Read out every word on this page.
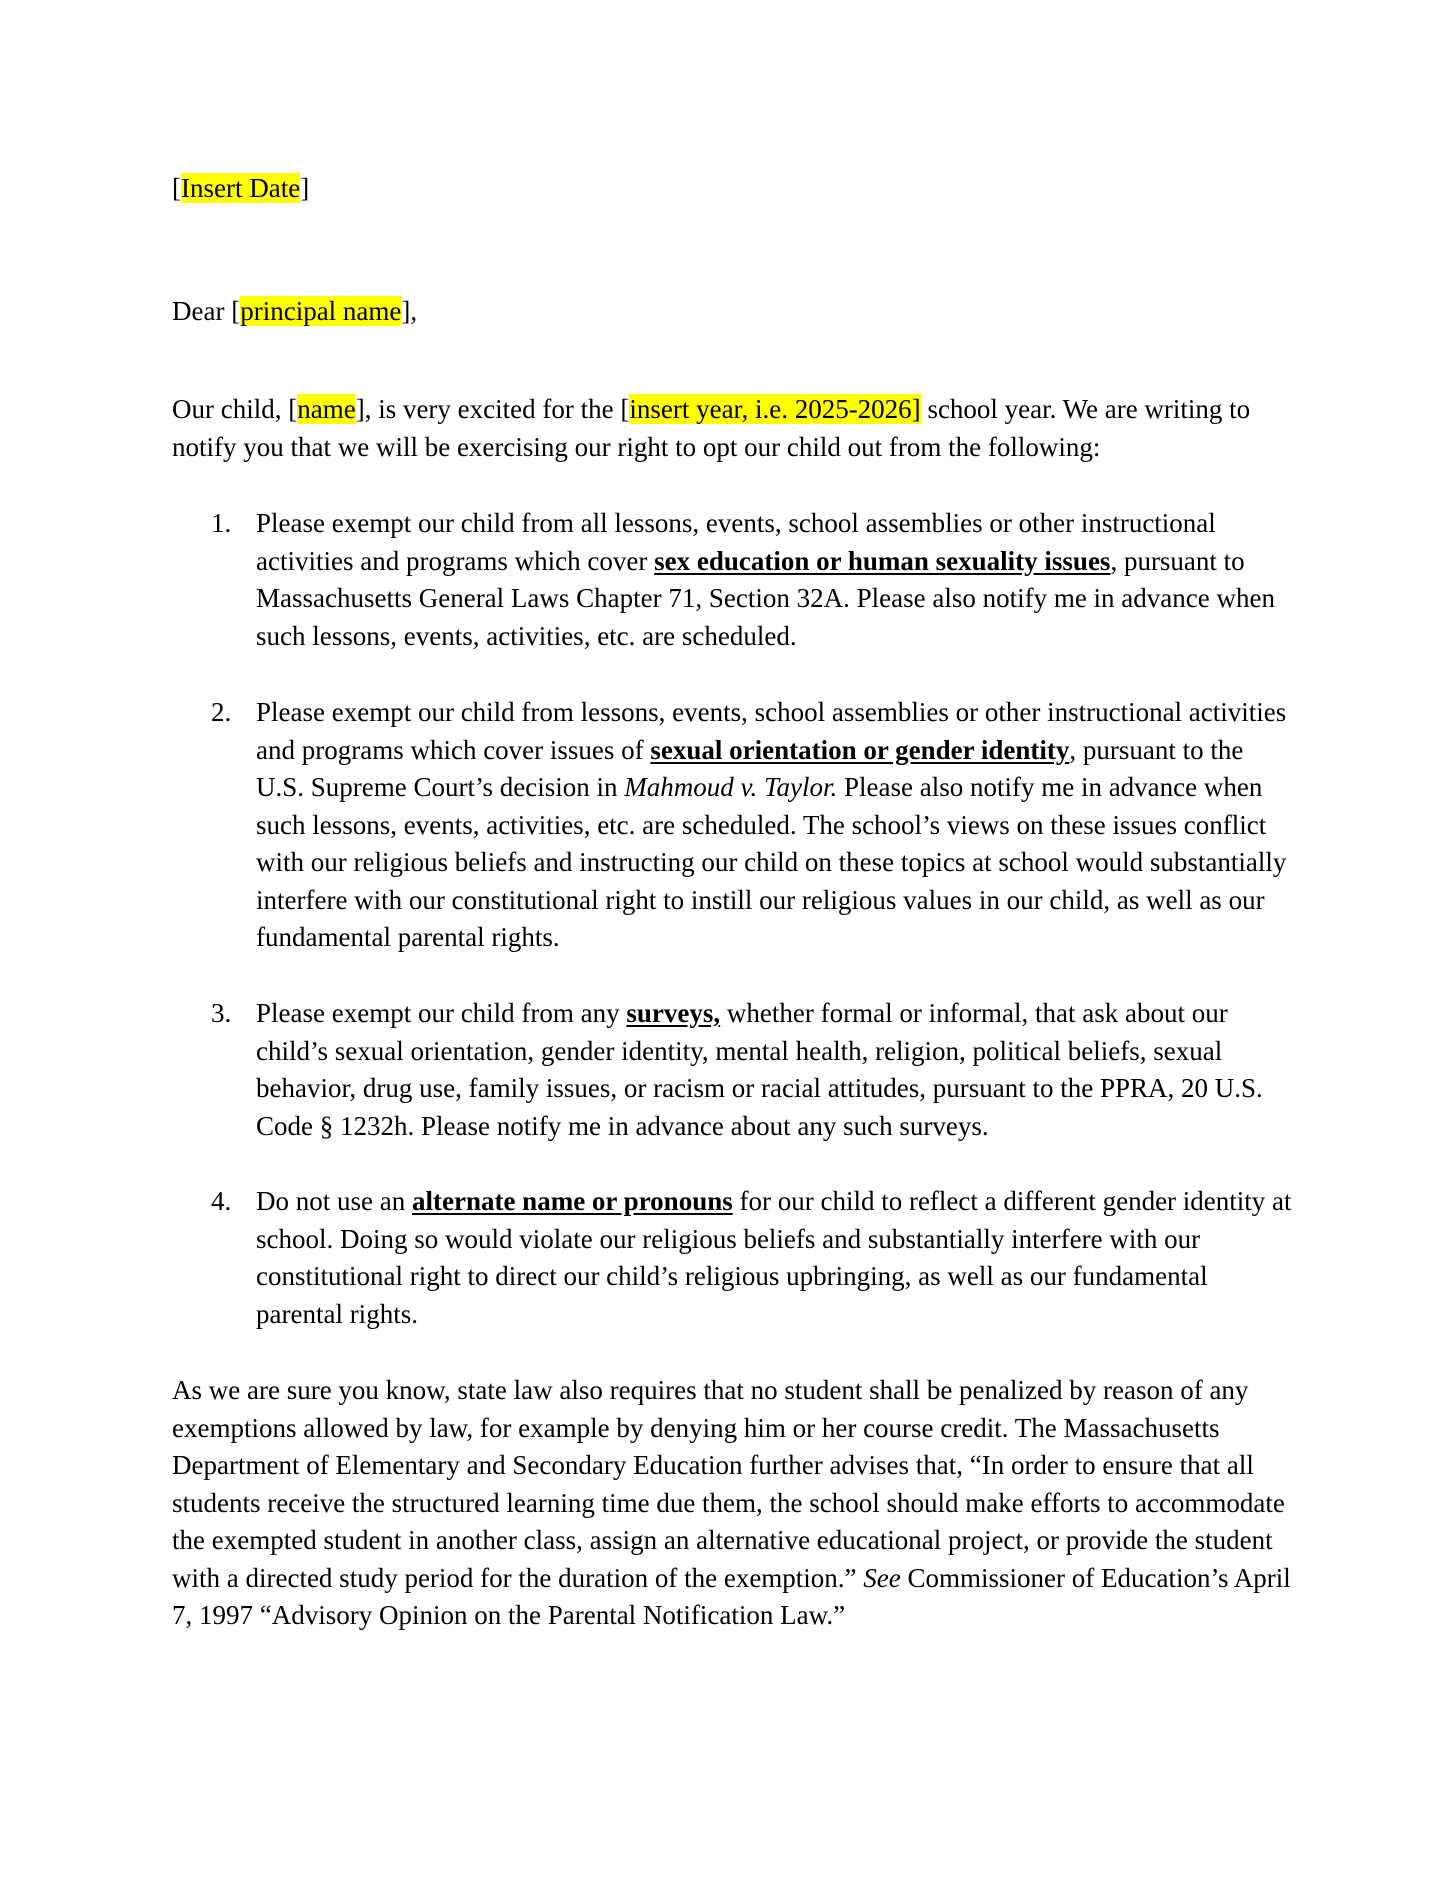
[Insert Date]

Dear [principal name],

Our child, [name], is very excited for the [insert year, i.e. 2025-2026] school year. We are writing to notify you that we will be exercising our right to opt our child out from the following:

1. Please exempt our child from all lessons, events, school assemblies or other instructional activities and programs which cover sex education or human sexuality issues, pursuant to Massachusetts General Laws Chapter 71, Section 32A. Please also notify me in advance when such lessons, events, activities, etc. are scheduled.

2. Please exempt our child from lessons, events, school assemblies or other instructional activities and programs which cover issues of sexual orientation or gender identity, pursuant to the U.S. Supreme Court’s decision in Mahmoud v. Taylor. Please also notify me in advance when such lessons, events, activities, etc. are scheduled. The school’s views on these issues conflict with our religious beliefs and instructing our child on these topics at school would substantially interfere with our constitutional right to instill our religious values in our child, as well as our fundamental parental rights.

3. Please exempt our child from any surveys, whether formal or informal, that ask about our child’s sexual orientation, gender identity, mental health, religion, political beliefs, sexual behavior, drug use, family issues, or racism or racial attitudes, pursuant to the PPRA, 20 U.S. Code § 1232h. Please notify me in advance about any such surveys.

4. Do not use an alternate name or pronouns for our child to reflect a different gender identity at school. Doing so would violate our religious beliefs and substantially interfere with our constitutional right to direct our child’s religious upbringing, as well as our fundamental parental rights.

As we are sure you know, state law also requires that no student shall be penalized by reason of any exemptions allowed by law, for example by denying him or her course credit. The Massachusetts Department of Elementary and Secondary Education further advises that, “In order to ensure that all students receive the structured learning time due them, the school should make efforts to accommodate the exempted student in another class, assign an alternative educational project, or provide the student with a directed study period for the duration of the exemption.” See Commissioner of Education’s April 7, 1997 “Advisory Opinion on the Parental Notification Law.”
